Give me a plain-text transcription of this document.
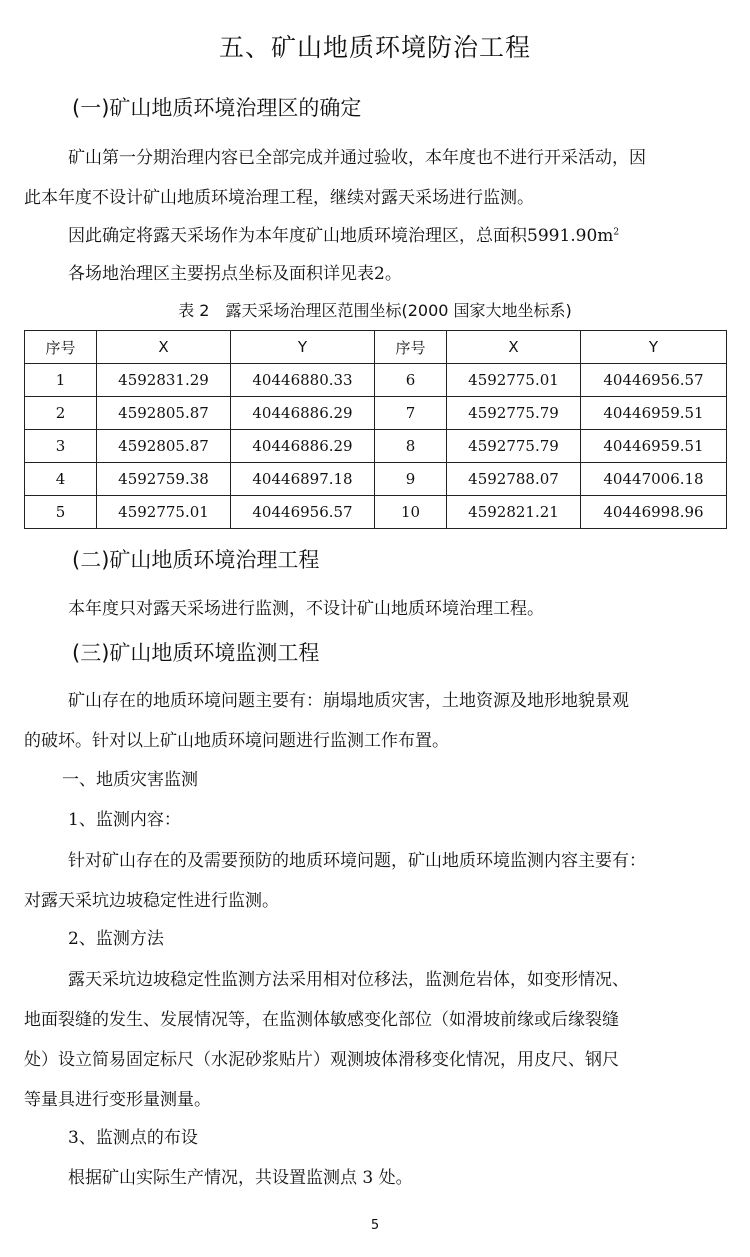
五、矿山地质环境防治工程
(一)矿山地质环境治理区的确定
矿山第一分期治理内容已全部完成并通过验收，本年度也不进行开采活动，因
此本年度不设计矿山地质环境治理工程，继续对露天采场进行监测。
因此确定将露天采场作为本年度矿山地质环境治理区，总面积$5991.90m^2$
各场地治理区主要拐点坐标及面积详见表2。
表 2　露天采场治理区范围坐标(2000 国家大地坐标系)
序号	X	Y	序号	X	Y
1	4592831.29	40446880.33	6	4592775.01	40446956.57
2	4592805.87	40446886.29	7	4592775.79	40446959.51
3	4592805.87	40446886.29	8	4592775.79	40446959.51
4	4592759.38	40446897.18	9	4592788.07	40447006.18
5	4592775.01	40446956.57	10	4592821.21	40446998.96
(二)矿山地质环境治理工程
本年度只对露天采场进行监测，不设计矿山地质环境治理工程。
(三)矿山地质环境监测工程
矿山存在的地质环境问题主要有：崩塌地质灾害，土地资源及地形地貌景观
的破坏。针对以上矿山地质环境问题进行监测工作布置。
一、地质灾害监测
1、监测内容：
针对矿山存在的及需要预防的地质环境问题，矿山地质环境监测内容主要有：
对露天采坑边坡稳定性进行监测。
2、监测方法
露天采坑边坡稳定性监测方法采用相对位移法，监测危岩体，如变形情况、
地面裂缝的发生、发展情况等，在监测体敏感变化部位（如滑坡前缘或后缘裂缝
处）设立简易固定标尺（水泥砂浆贴片）观测坡体滑移变化情况，用皮尺、钢尺
等量具进行变形量测量。
3、监测点的布设
根据矿山实际生产情况，共设置监测点 3 处。
5
